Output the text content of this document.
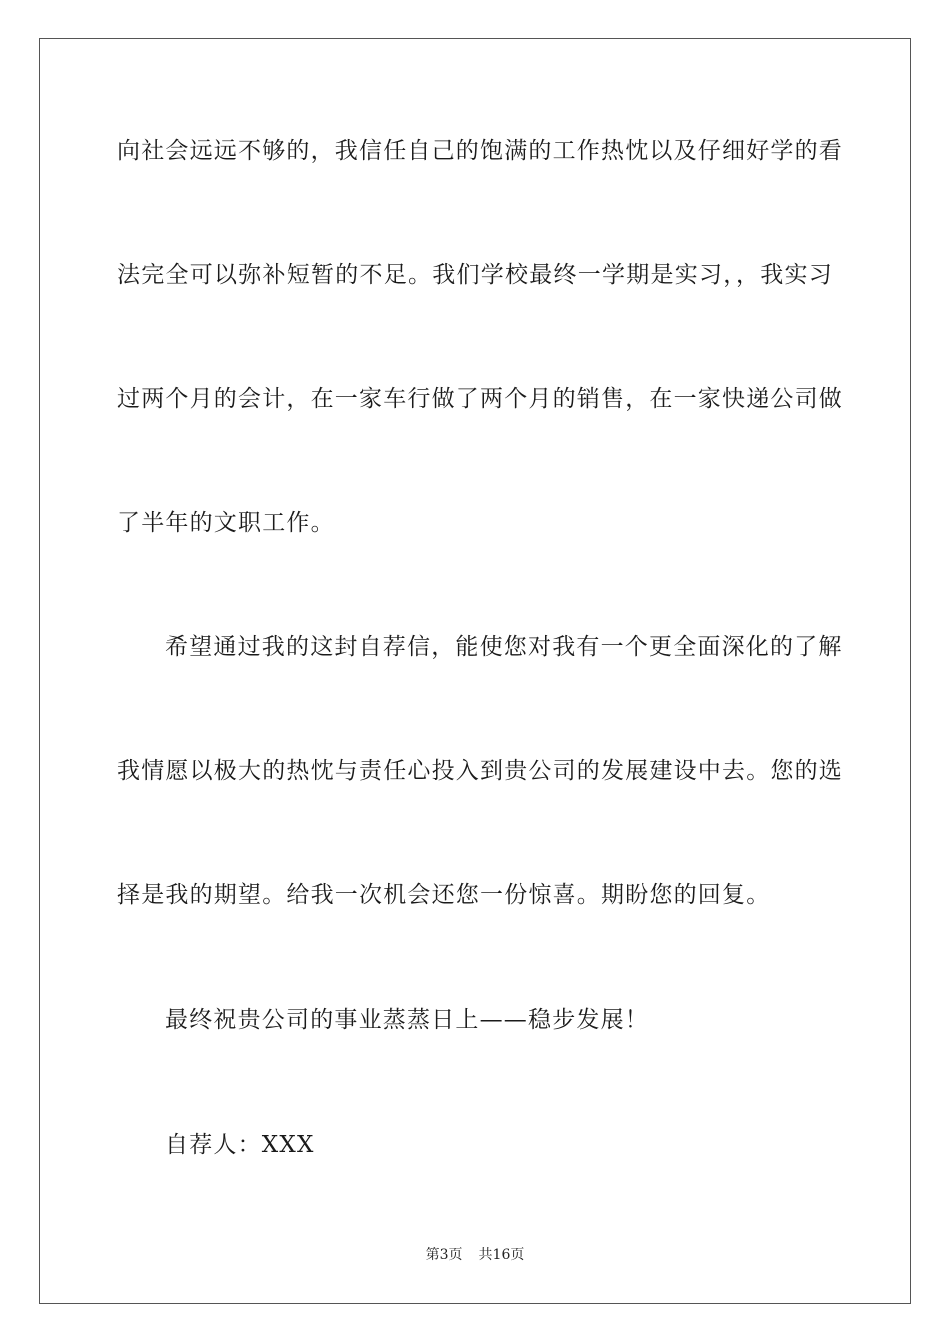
向社会远远不够的，我信任自己的饱满的工作热忱以及仔细好学的看
法完全可以弥补短暂的不足。我们学校最终一学期是实习，，我实习
过两个月的会计，在一家车行做了两个月的销售，在一家快递公司做
了半年的文职工作。
希望通过我的这封自荐信，能使您对我有一个更全面深化的了解
我情愿以极大的热忱与责任心投入到贵公司的发展建设中去。您的选
择是我的期望。给我一次机会还您一份惊喜。期盼您的回复。
最终祝贵公司的事业蒸蒸日上——稳步发展！
自荐人：XXX
第3页 共16页
